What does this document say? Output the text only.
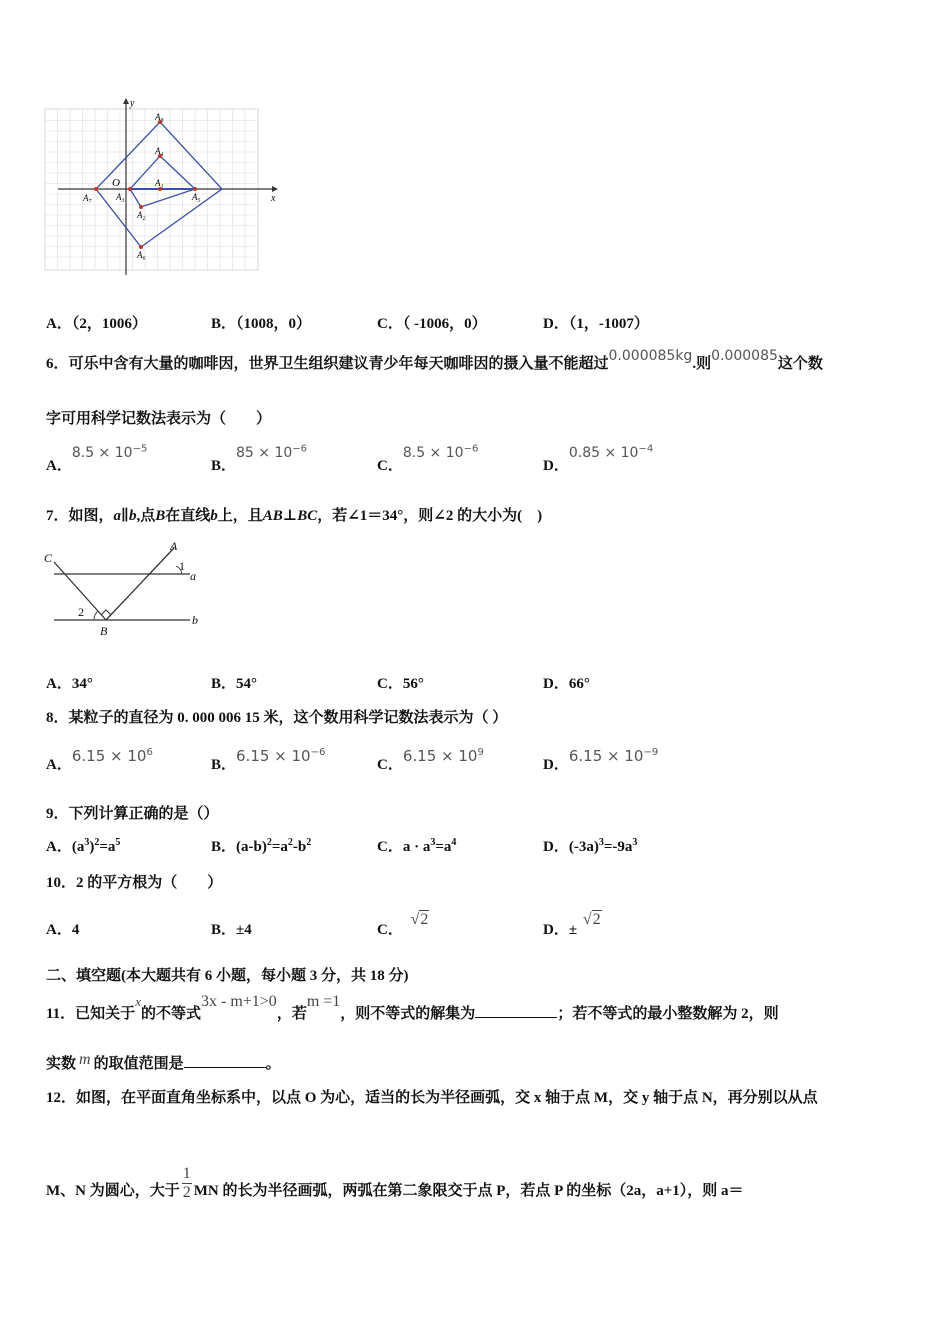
x
y
O
$A_8$
$A_4$
$A_1$
$A_5$
$A_3$
$A_2$
$A_6$
$A_7$
A．（2，1006）	B．（1008，0）	C．（ -1006，0）	D．（1，-1007）
6．可乐中含有大量的咖啡因，世界卫生组织建议青少年每天咖啡因的摄入量不能超过0.000085kg.则0.000085这个数
字可用科学记数法表示为（　　）
A．$8.5 \times 10^{-5}$
B．$85 \times 10^{-6}$
C．$8.5 \times 10^{-6}$
D．$0.85 \times 10^{-4}$
7．如图，a∥b,点B在直线b上，且AB⊥BC，若∠1＝34°，则∠2 的大小为(　)
C
A
1
a
2
B
b
A．34°	B．54°	C．56°	D．66°
8．某粒子的直径为 0. 000 006 15 米，这个数用科学记数法表示为（ ）
A．$6.15 \times 10^6$
B．$6.15 \times 10^{-6}$
C．$6.15 \times 10^9$
D．$6.15 \times 10^{-9}$
9．下列计算正确的是（）
A．$(a^3)^2=a^5$	B．$(a-b)^2=a^2-b^2$	C．$a \cdot a^3=a^4$	D．$(-3a)^3=-9a^3$
10．2 的平方根为（　　）
A．4	B．±4	C． √2
D．± √2
二、填空题(本大题共有 6 小题，每小题 3 分，共 18 分)
11．已知关于x的不等式3x - m+1>0，若m =1，则不等式的解集为	；若不等式的最小整数解为 2，则
实数 m 的取值范围是	。
12．如图，在平面直角坐标系中，以点 O 为心，适当的长为半径画弧，交 x 轴于点 M，交 y 轴于点 N，再分别以从点
M、N 为圆心，大于 $\frac{1}{2}$ MN 的长为半径画弧，两弧在第二象限交于点 P，若点 P 的坐标（2a，a+1），则 a＝
